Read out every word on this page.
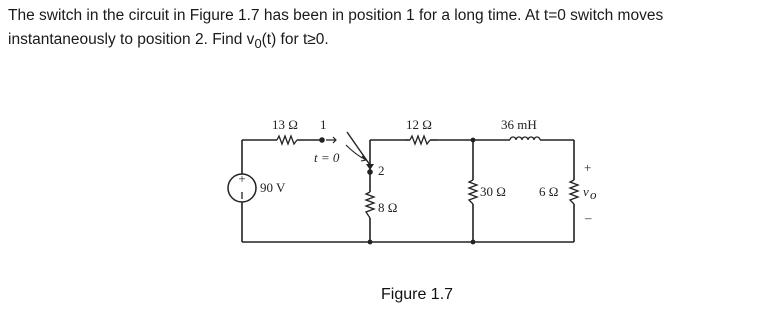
The switch in the circuit in Figure 1.7 has been in position 1 for a long time. At t=0 switch moves

instantaneously to position 2. Find $v_0(t)$ for t≥0.

+
90 V
13 Ω 1
2
t = 0
12 Ω
8 Ω
30 Ω
36 mH
6 Ω
+
v o
–
Figure 1.7
